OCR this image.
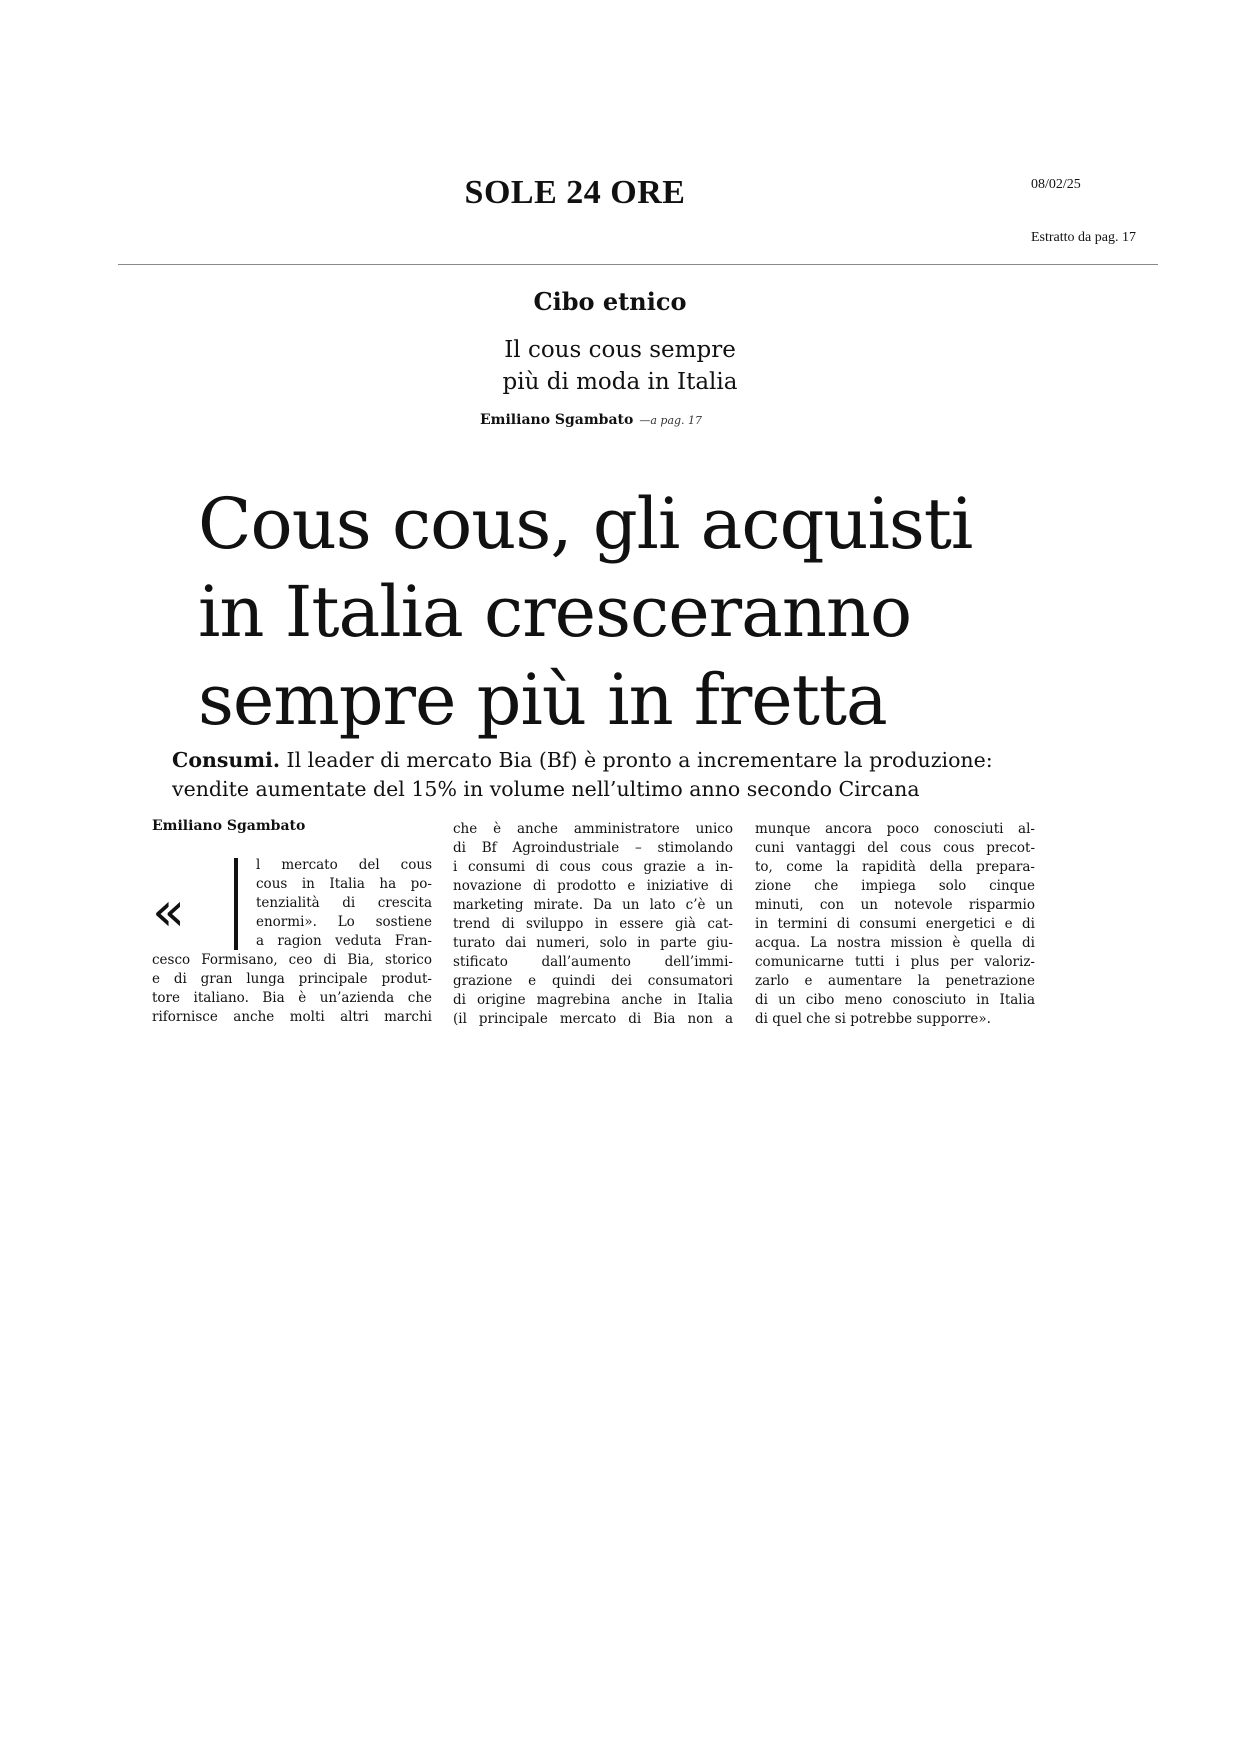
SOLE 24 ORE	08/02/25
Estratto da pag. 17
Cibo etnico
Il cous cous sempre
più di moda in Italia
Emiliano Sgambato —a pag. 17
Cous cous, gli acquisti
in Italia cresceranno
sempre più in fretta
Consumi. Il leader di mercato Bia (Bf) è pronto a incrementare la produzione:
vendite aumentate del 15% in volume nell’ultimo anno secondo Circana
Emiliano Sgambato
«
l mercato del cous
cous in Italia ha po-
tenzialità di crescita
enormi». Lo sostiene
a ragion veduta Fran-
cesco Formisano, ceo di Bia, storico
e di gran lunga principale produt-
tore italiano. Bia è un’azienda che
rifornisce anche molti altri marchi
che è anche amministratore unico
di Bf Agroindustriale – stimolando
i consumi di cous cous grazie a in-
novazione di prodotto e iniziative di
marketing mirate. Da un lato c’è un
trend di sviluppo in essere già cat-
turato dai numeri, solo in parte giu-
stificato dall’aumento dell’immi-
grazione e quindi dei consumatori
di origine magrebina anche in Italia
(il principale mercato di Bia non a
munque ancora poco conosciuti al-
cuni vantaggi del cous cous precot-
to, come la rapidità della prepara-
zione che impiega solo cinque
minuti, con un notevole risparmio
in termini di consumi energetici e di
acqua. La nostra mission è quella di
comunicarne tutti i plus per valoriz-
zarlo e aumentare la penetrazione
di un cibo meno conosciuto in Italia
di quel che si potrebbe supporre».
